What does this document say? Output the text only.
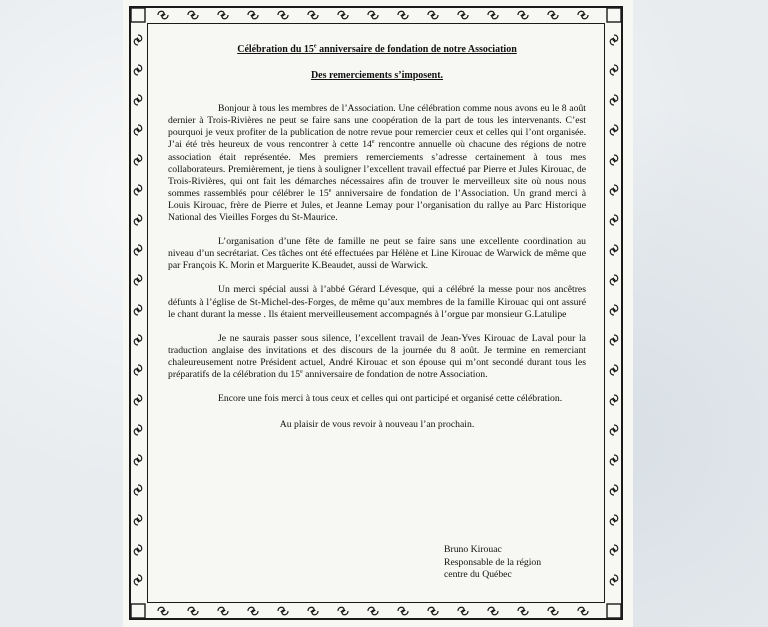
Célébration du 15e anniversaire de fondation de notre Association
Des remerciements s’imposent.
Bonjour à tous les membres de l’Association. Une célébration comme nous avons eu le 8 août dernier à Trois-Rivières ne peut se faire sans une coopération de la part de tous les intervenants. C’est pourquoi je veux profiter de la publication de notre revue pour remercier ceux et celles qui l’ont organisée. J’ai été très heureux de vous rencontrer à cette 14e rencontre annuelle où chacune des régions de notre association était représentée. Mes premiers remerciements s’adresse certainement à tous mes collaborateurs. Premièrement, je tiens à souligner l’excellent travail effectué par Pierre et Jules Kirouac, de Trois-Rivières, qui ont fait les démarches nécessaires afin de trouver le merveilleux site où nous nous sommes rassemblés pour célébrer le 15e anniversaire de fondation de l’Association. Un grand merci à Louis Kirouac, frère de Pierre et Jules, et Jeanne Lemay pour l’organisation du rallye au Parc Historique National des Vieilles Forges du St-Maurice.
L’organisation d’une fête de famille ne peut se faire sans une excellente coordination au niveau d’un secrétariat. Ces tâches ont été effectuées par Hélène et Line Kirouac de Warwick de même que par François K. Morin et Marguerite K.Beaudet, aussi de Warwick.
Un merci spécial aussi à l’abbé Gérard Lévesque, qui a célébré la messe pour nos ancêtres défunts à l’église de St-Michel-des-Forges, de même qu’aux membres de la famille Kirouac qui ont assuré le chant durant la messe . Ils étaient merveilleusement accompagnés à l’orgue par monsieur G.Latulipe
Je ne saurais passer sous silence, l’excellent travail de Jean-Yves Kirouac de Laval pour la traduction anglaise des invitations et des discours de la journée du 8 août. Je termine en remerciant chaleureusement notre Président actuel, André Kirouac et son épouse qui m’ont secondé durant tous les préparatifs de la célébration du 15e anniversaire de fondation de notre Association.
Encore une fois merci à tous ceux et celles qui ont participé et organisé cette célébration.
Au plaisir de vous revoir à nouveau l’an prochain.
Bruno Kirouac
Responsable de la région
centre du Québec
